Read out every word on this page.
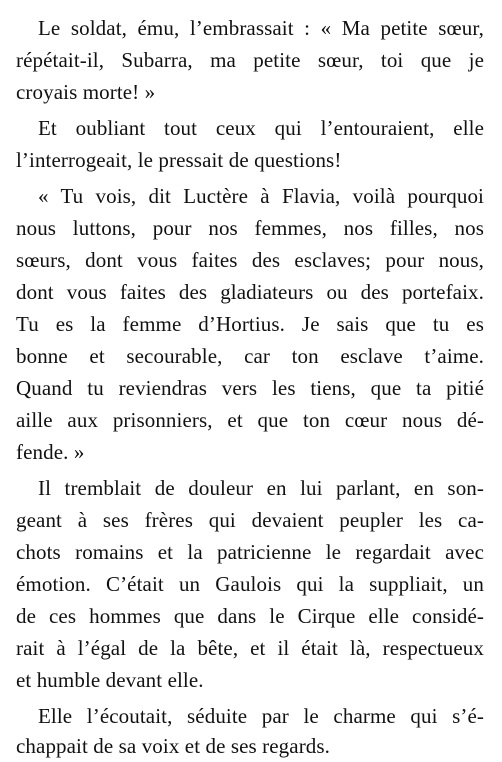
Le soldat, ému, l’embrassait : « Ma petite sœur,
répétait-il, Subarra, ma petite sœur, toi que je
croyais morte! »
Et oubliant tout ceux qui l’entouraient, elle
l’interrogeait, le pressait de questions!
« Tu vois, dit Luctère à Flavia, voilà pourquoi
nous luttons, pour nos femmes, nos filles, nos
sœurs, dont vous faites des esclaves; pour nous,
dont vous faites des gladiateurs ou des portefaix.
Tu es la femme d’Hortius. Je sais que tu es
bonne et secourable, car ton esclave t’aime.
Quand tu reviendras vers les tiens, que ta pitié
aille aux prisonniers, et que ton cœur nous dé-
fende. »
Il tremblait de douleur en lui parlant, en son-
geant à ses frères qui devaient peupler les ca-
chots romains et la patricienne le regardait avec
émotion. C’était un Gaulois qui la suppliait, un
de ces hommes que dans le Cirque elle considé-
rait à l’égal de la bête, et il était là, respectueux
et humble devant elle.
Elle l’écoutait, séduite par le charme qui s’é-
chappait de sa voix et de ses regards.
